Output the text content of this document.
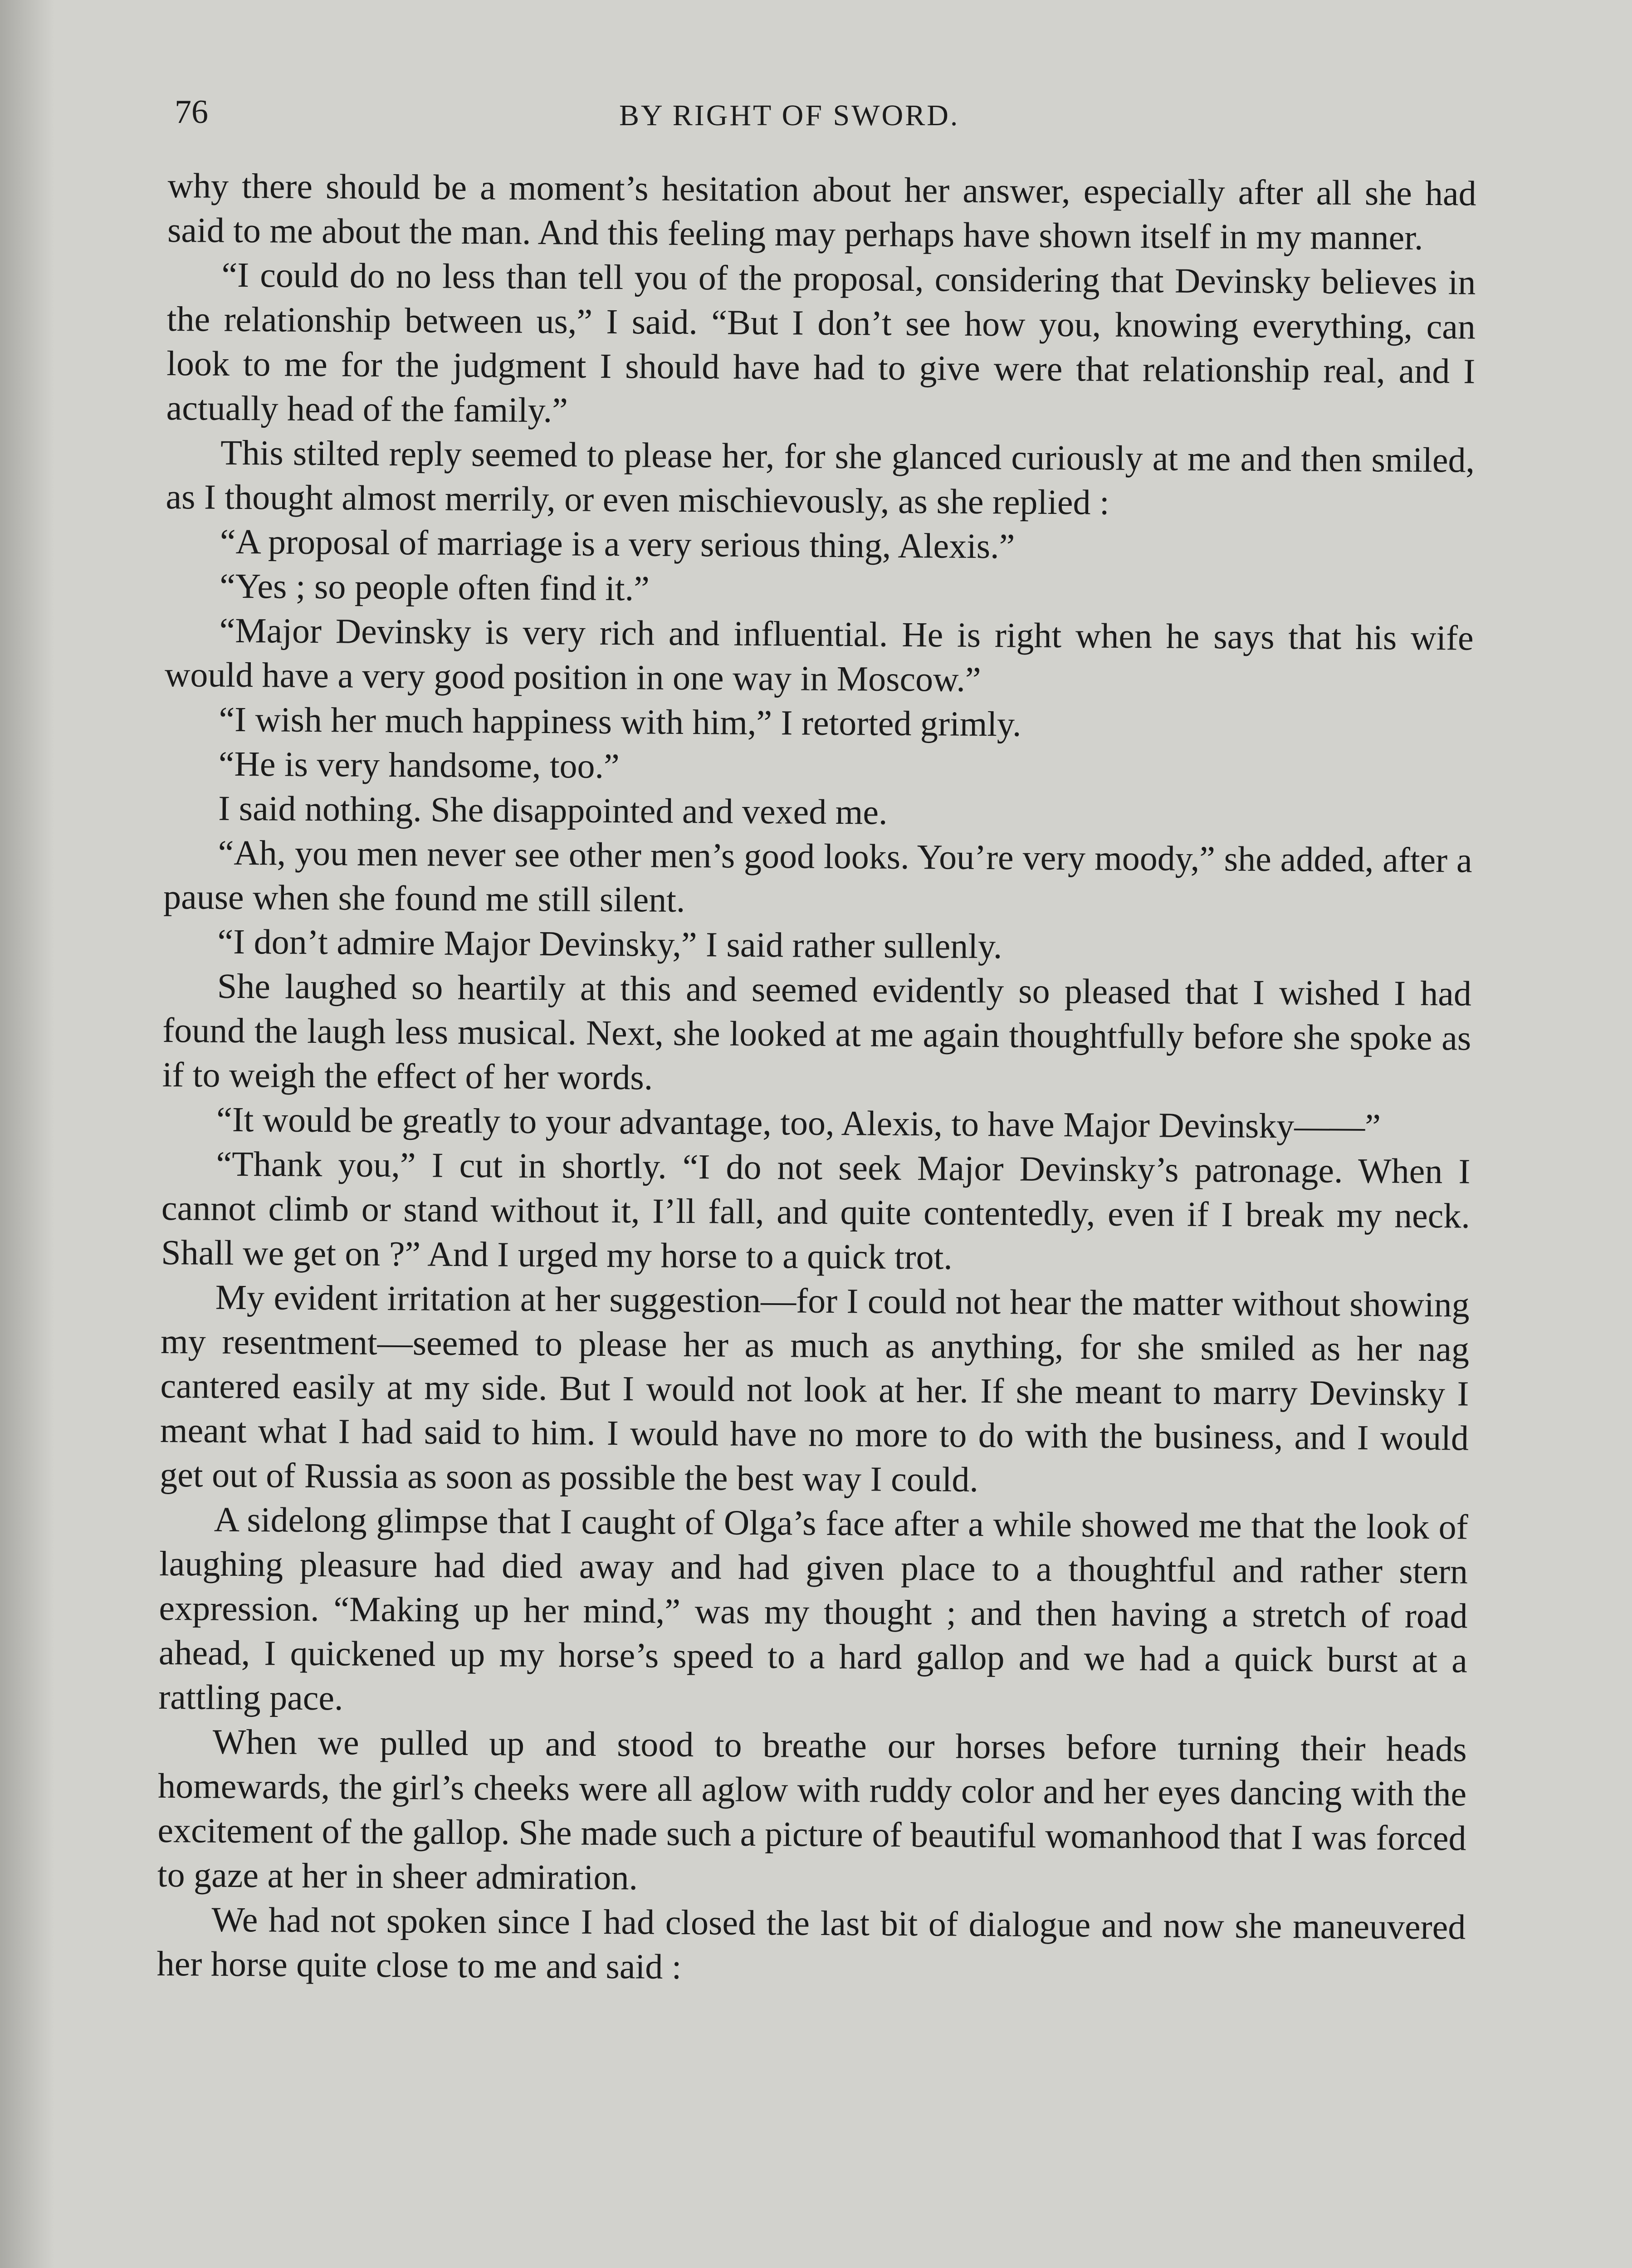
76	BY RIGHT OF SWORD.

why there should be a moment’s hesitation about her answer, especially after all she had said to me about the man. And this feeling may perhaps have shown itself in my manner.

“I could do no less than tell you of the proposal, considering that Devinsky believes in the relationship between us,” I said. “But I don’t see how you, knowing everything, can look to me for the judgment I should have had to give were that relationship real, and I actually head of the family.”

This stilted reply seemed to please her, for she glanced curiously at me and then smiled, as I thought almost merrily, or even mischievously, as she replied :

“A proposal of marriage is a very serious thing, Alexis.”

“Yes ; so people often find it.”

“Major Devinsky is very rich and influential. He is right when he says that his wife would have a very good position in one way in Moscow.”

“I wish her much happiness with him,” I retorted grimly.

“He is very handsome, too.”

I said nothing. She disappointed and vexed me.

“Ah, you men never see other men’s good looks. You’re very moody,” she added, after a pause when she found me still silent.

“I don’t admire Major Devinsky,” I said rather sullenly.

She laughed so heartily at this and seemed evidently so pleased that I wished I had found the laugh less musical. Next, she looked at me again thoughtfully before she spoke as if to weigh the effect of her words.

“It would be greatly to your advantage, too, Alexis, to have Major Devinsky——”

“Thank you,” I cut in shortly. “I do not seek Major Devinsky’s patronage. When I cannot climb or stand without it, I’ll fall, and quite contentedly, even if I break my neck. Shall we get on ?” And I urged my horse to a quick trot.

My evident irritation at her suggestion—for I could not hear the matter without showing my resentment—seemed to please her as much as anything, for she smiled as her nag cantered easily at my side. But I would not look at her. If she meant to marry Devinsky I meant what I had said to him. I would have no more to do with the business, and I would get out of Russia as soon as possible the best way I could.

A sidelong glimpse that I caught of Olga’s face after a while showed me that the look of laughing pleasure had died away and had given place to a thoughtful and rather stern expression. “Making up her mind,” was my thought ; and then having a stretch of road ahead, I quickened up my horse’s speed to a hard gallop and we had a quick burst at a rattling pace.

When we pulled up and stood to breathe our horses before turning their heads homewards, the girl’s cheeks were all aglow with ruddy color and her eyes dancing with the excitement of the gallop. She made such a picture of beautiful womanhood that I was forced to gaze at her in sheer admiration.

We had not spoken since I had closed the last bit of dialogue and now she maneuvered her horse quite close to me and said :
